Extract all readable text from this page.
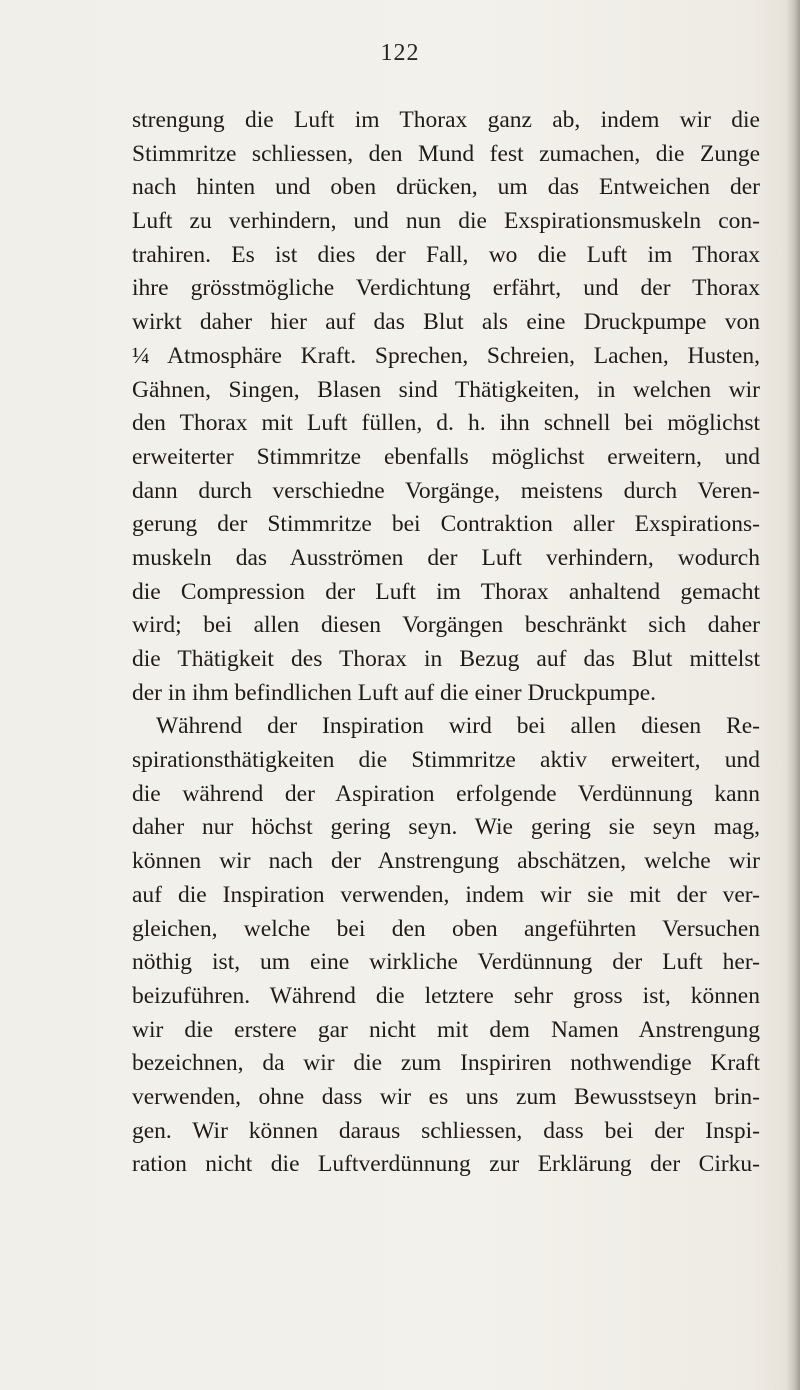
122
strengung die Luft im Thorax ganz ab, indem wir die
Stimmritze schliessen, den Mund fest zumachen, die Zunge
nach hinten und oben drücken, um das Entweichen der
Luft zu verhindern, und nun die Exspirationsmuskeln con-
trahiren. Es ist dies der Fall, wo die Luft im Thorax
ihre grösstmögliche Verdichtung erfährt, und der Thorax
wirkt daher hier auf das Blut als eine Druckpumpe von
¼ Atmosphäre Kraft. Sprechen, Schreien, Lachen, Husten,
Gähnen, Singen, Blasen sind Thätigkeiten, in welchen wir
den Thorax mit Luft füllen, d. h. ihn schnell bei möglichst
erweiterter Stimmritze ebenfalls möglichst erweitern, und
dann durch verschiedne Vorgänge, meistens durch Veren-
gerung der Stimmritze bei Contraktion aller Exspirations-
muskeln das Ausströmen der Luft verhindern, wodurch
die Compression der Luft im Thorax anhaltend gemacht
wird; bei allen diesen Vorgängen beschränkt sich daher
die Thätigkeit des Thorax in Bezug auf das Blut mittelst
der in ihm befindlichen Luft auf die einer Druckpumpe.
Während der Inspiration wird bei allen diesen Re-
spirationsthätigkeiten die Stimmritze aktiv erweitert, und
die während der Aspiration erfolgende Verdünnung kann
daher nur höchst gering seyn. Wie gering sie seyn mag,
können wir nach der Anstrengung abschätzen, welche wir
auf die Inspiration verwenden, indem wir sie mit der ver-
gleichen, welche bei den oben angeführten Versuchen
nöthig ist, um eine wirkliche Verdünnung der Luft her-
beizuführen. Während die letztere sehr gross ist, können
wir die erstere gar nicht mit dem Namen Anstrengung
bezeichnen, da wir die zum Inspiriren nothwendige Kraft
verwenden, ohne dass wir es uns zum Bewusstseyn brin-
gen. Wir können daraus schliessen, dass bei der Inspi-
ration nicht die Luftverdünnung zur Erklärung der Cirku-
